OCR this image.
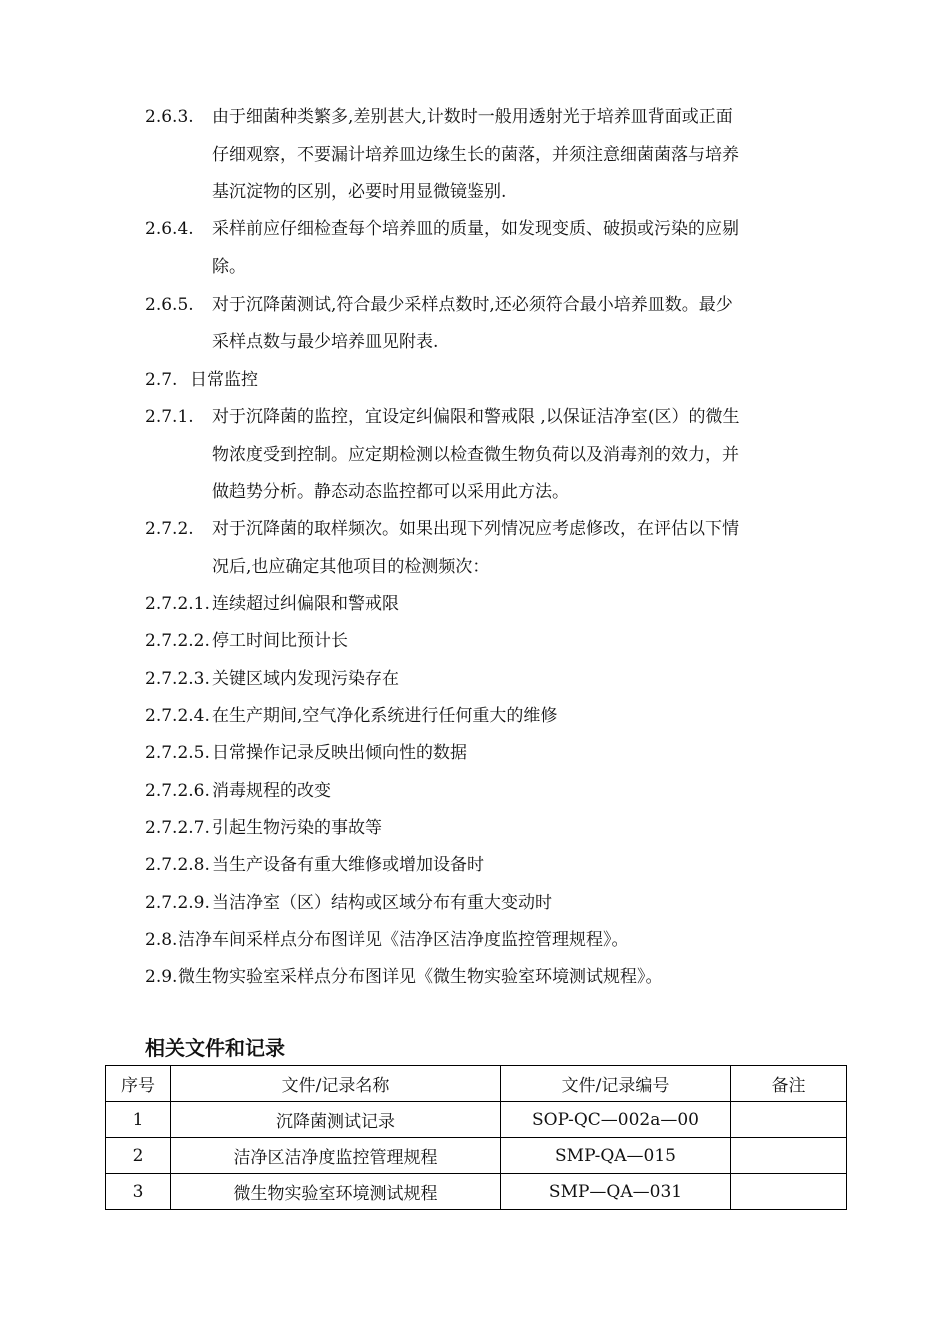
2.6.3. 由于细菌种类繁多,差别甚大,计数时一般用透射光于培养皿背面或正面
仔细观察，不要漏计培养皿边缘生长的菌落，并须注意细菌菌落与培养
基沉淀物的区别，必要时用显微镜鉴别.
2.6.4. 采样前应仔细检查每个培养皿的质量，如发现变质、破损或污染的应剔
除。
2.6.5. 对于沉降菌测试,符合最少采样点数时,还必须符合最小培养皿数。最少
采样点数与最少培养皿见附表.
2.7. 日常监控
2.7.1. 对于沉降菌的监控，宜设定纠偏限和警戒限 ,以保证洁净室(区）的微生
物浓度受到控制。应定期检测以检查微生物负荷以及消毒剂的效力，并
做趋势分析。静态动态监控都可以采用此方法。
2.7.2. 对于沉降菌的取样频次。如果出现下列情况应考虑修改，在评估以下情
况后,也应确定其他项目的检测频次：
2.7.2.1. 连续超过纠偏限和警戒限
2.7.2.2. 停工时间比预计长
2.7.2.3. 关键区域内发现污染存在
2.7.2.4. 在生产期间,空气净化系统进行任何重大的维修
2.7.2.5. 日常操作记录反映出倾向性的数据
2.7.2.6. 消毒规程的改变
2.7.2.7. 引起生物污染的事故等
2.7.2.8. 当生产设备有重大维修或增加设备时
2.7.2.9. 当洁净室（区）结构或区域分布有重大变动时
2.8. 洁净车间采样点分布图详见《洁净区洁净度监控管理规程》。
2.9. 微生物实验室采样点分布图详见《微生物实验室环境测试规程》。
相关文件和记录
序号	文件/记录名称	文件/记录编号	备注
1	沉降菌测试记录	SOP-QC—002a—00	
2	洁净区洁净度监控管理规程	SMP-QA—015	
3	微生物实验室环境测试规程	SMP—QA—031	
